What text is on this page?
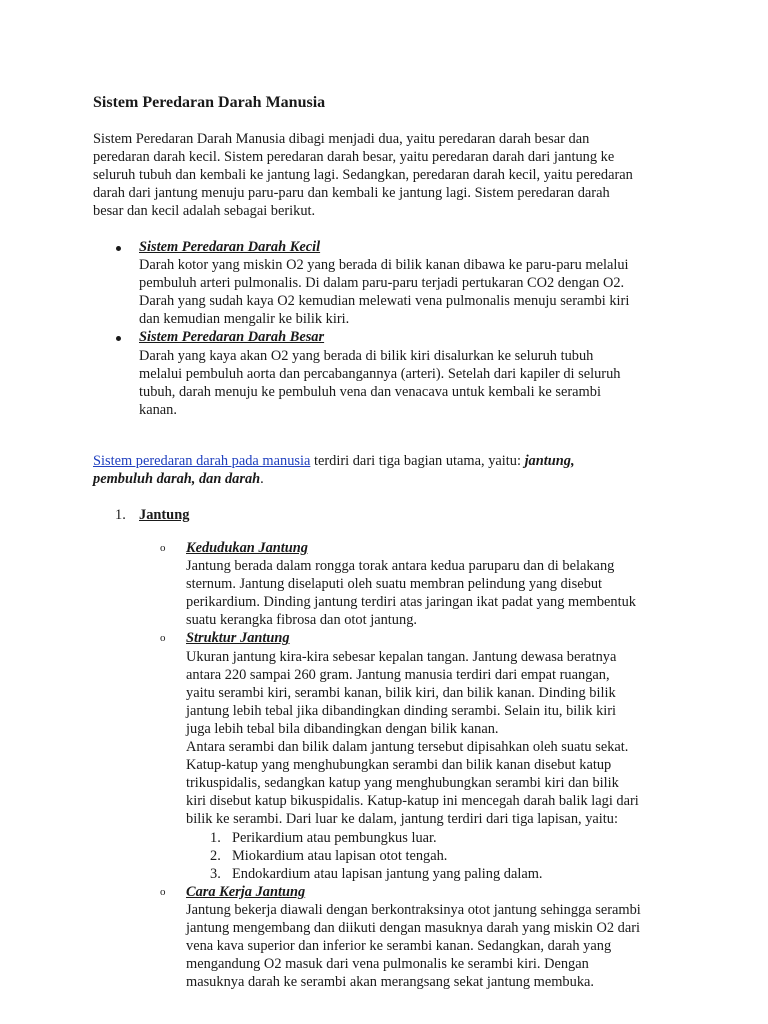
Sistem Peredaran Darah Manusia

Sistem Peredaran Darah Manusia dibagi menjadi dua, yaitu peredaran darah besar dan
peredaran darah kecil. Sistem peredaran darah besar, yaitu peredaran darah dari jantung ke
seluruh tubuh dan kembali ke jantung lagi. Sedangkan, peredaran darah kecil, yaitu peredaran
darah dari jantung menuju paru-paru dan kembali ke jantung lagi. Sistem peredaran darah
besar dan kecil adalah sebagai berikut.

Sistem Peredaran Darah Kecil
Darah kotor yang miskin O2 yang berada di bilik kanan dibawa ke paru-paru melalui
pembuluh arteri pulmonalis. Di dalam paru-paru terjadi pertukaran CO2 dengan O2.
Darah yang sudah kaya O2 kemudian melewati vena pulmonalis menuju serambi kiri
dan kemudian mengalir ke bilik kiri.
Sistem Peredaran Darah Besar
Darah yang kaya akan O2 yang berada di bilik kiri disalurkan ke seluruh tubuh
melalui pembuluh aorta dan percabangannya (arteri). Setelah dari kapiler di seluruh
tubuh, darah menuju ke pembuluh vena dan venacava untuk kembali ke serambi
kanan.
Sistem peredaran darah pada manusia terdiri dari tiga bagian utama, yaitu: jantung,
pembuluh darah, dan darah.
1. Jantung
o Kedudukan Jantung
Jantung berada dalam rongga torak antara kedua paruparu dan di belakang
sternum. Jantung diselaputi oleh suatu membran pelindung yang disebut
perikardium. Dinding jantung terdiri atas jaringan ikat padat yang membentuk
suatu kerangka fibrosa dan otot jantung.
o Struktur Jantung
Ukuran jantung kira-kira sebesar kepalan tangan. Jantung dewasa beratnya
antara 220 sampai 260 gram. Jantung manusia terdiri dari empat ruangan,
yaitu serambi kiri, serambi kanan, bilik kiri, dan bilik kanan. Dinding bilik
jantung lebih tebal jika dibandingkan dinding serambi. Selain itu, bilik kiri
juga lebih tebal bila dibandingkan dengan bilik kanan.
Antara serambi dan bilik dalam jantung tersebut dipisahkan oleh suatu sekat.
Katup-katup yang menghubungkan serambi dan bilik kanan disebut katup
trikuspidalis, sedangkan katup yang menghubungkan serambi kiri dan bilik
kiri disebut katup bikuspidalis. Katup-katup ini mencegah darah balik lagi dari
bilik ke serambi. Dari luar ke dalam, jantung terdiri dari tiga lapisan, yaitu:
1. Perikardium atau pembungkus luar.
2. Miokardium atau lapisan otot tengah.
3. Endokardium atau lapisan jantung yang paling dalam.
o Cara Kerja Jantung
Jantung bekerja diawali dengan berkontraksinya otot jantung sehingga serambi
jantung mengembang dan diikuti dengan masuknya darah yang miskin O2 dari
vena kava superior dan inferior ke serambi kanan. Sedangkan, darah yang
mengandung O2 masuk dari vena pulmonalis ke serambi kiri. Dengan
masuknya darah ke serambi akan merangsang sekat jantung membuka.
